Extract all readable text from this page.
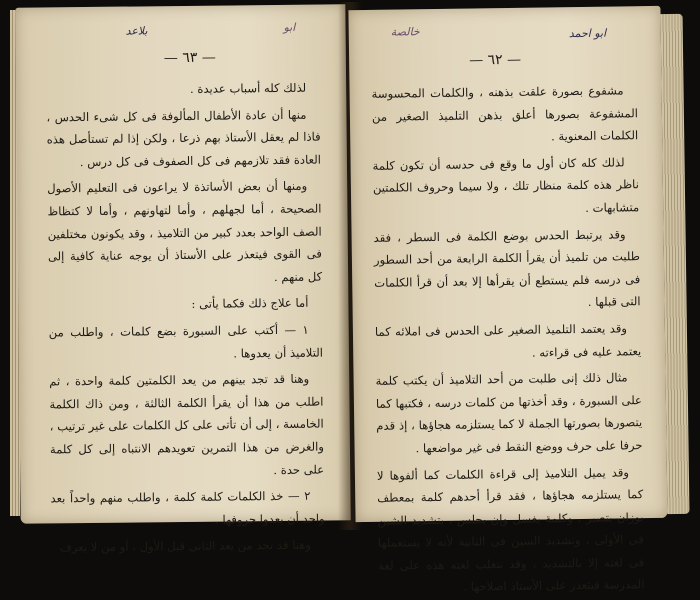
بلاعد	ابو
— ٦٣ —

لذلك كله أسباب عديدة .

منها أن عادة الأطفال المألوفة فى كل شىء الحدس ، فاذا لم يعقل الأستاذ بهم ذرعا ، ولكن إذا لم تستأصل هذه العادة فقد تلازمهم فى كل الصفوف فى كل درس .

ومنها أن بعض الأساتذة لا يراعون فى التعليم الأصول الصحيحة ، أما لجهلهم ، وأما لتهاونهم ، وأما لا كتظاظ الصف الواحد بعدد كبير من التلاميذ ، وقد يكونون مختلفين فى القوى فيتعذر على الأستاذ أن يوجه عناية كافية إلى كل منهم .

أما علاج ذلك فكما يأتى :

١ — أكتب على السبورة بضع كلمات ، واطلب من التلاميذ أن يعدوها .

وهنا قد تجد بينهم من يعد الكلمتين كلمة واحدة ، ثم اطلب من هذا أن يقرأ الكلمة الثالثة ، ومن ذاك الكلمة الخامسة ، إلى أن تأتى على كل الكلمات على غير ترتيب ، والغرض من هذا التمرين تعويدهم الانتباه إلى كل كلمة على حدة .

٢ — خذ الكلمات كلمة كلمة ، واطلب منهم واحداً بعد واحد أن يعدوا حروفها .

وهنا قد تجد من يعد الثانى قبل الأول ، أو من لا يعرف

خالصة	ابو احمد
— ٦٢ —

مشفوع بصورة علقت بذهنه ، والكلمات المحسوسة المشفوعة بصورها أعلق بذهن التلميذ الصغير من الكلمات المعنوية .

لذلك كله كان أول ما وقع فى حدسه أن تكون كلمة ناظر هذه كلمة منظار تلك ، ولا سيما وحروف الكلمتين متشابهات .

وقد يرتبط الحدس بوضع الكلمة فى السطر ، فقد طلبت من تلميذ أن يقرأ الكلمة الرابعة من أحد السطور فى درسه فلم يستطع أن يقرأها إلا بعد أن قرأ الكلمات التى قبلها .

وقد يعتمد التلميذ الصغير على الحدس فى املائه كما يعتمد عليه فى قراءته .

مثال ذلك إنى طلبت من أحد التلاميذ أن يكتب كلمة على السبورة ، وقد أخذتها من كلمات درسه ، فكتبها كما يتصورها بصورتها الجملة لا كما يستلزمه هجاؤها ، إذ قدم حرفا على حرف ووضع النقط فى غير مواضعها .

وقد يميل التلاميذ إلى قراءة الكلمات كما ألفوها لا كما يستلزمه هجاؤها ، فقد قرأ أحدهم كلمة بمعطف بوزان بتصبر ، وكلمة يغسل وإن يجلس ، بتشديد الشين فى الأولى ، وتشديد السين فى الثانية لأنه لا يستعملها فى لغته إلا بالتشديد ، وقد تتغلب لغته هذه على لغة المدرسة فيتعذر على الأستاذ اصلاحها .
